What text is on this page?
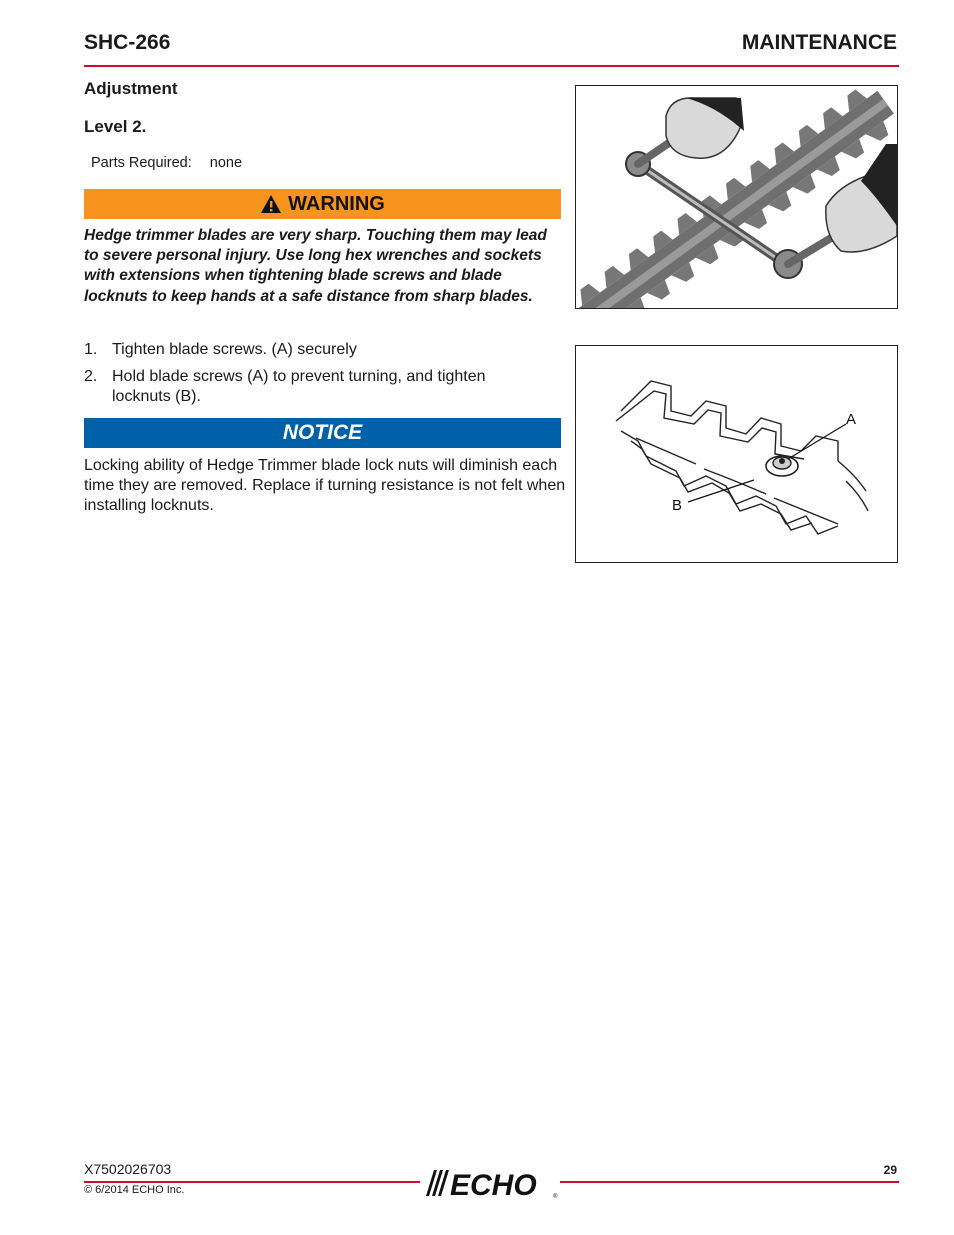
SHC-266	MAINTENANCE
Adjustment
Level 2.
Parts Required: none
WARNING
Hedge trimmer blades are very sharp. Touching them may lead to severe personal injury. Use long hex wrenches and sockets with extensions when tightening blade screws and blade locknuts to keep hands at a safe distance from sharp blades.
1. Tighten blade screws. (A) securely
2. Hold blade screws (A) to prevent turning, and tighten locknuts (B).
NOTICE
Locking ability of Hedge Trimmer blade lock nuts will diminish each time they are removed. Replace if turning resistance is not felt when installing locknuts.
A
B
X7502026703
© 6/2014 ECHO Inc.
29
ECHO	®
